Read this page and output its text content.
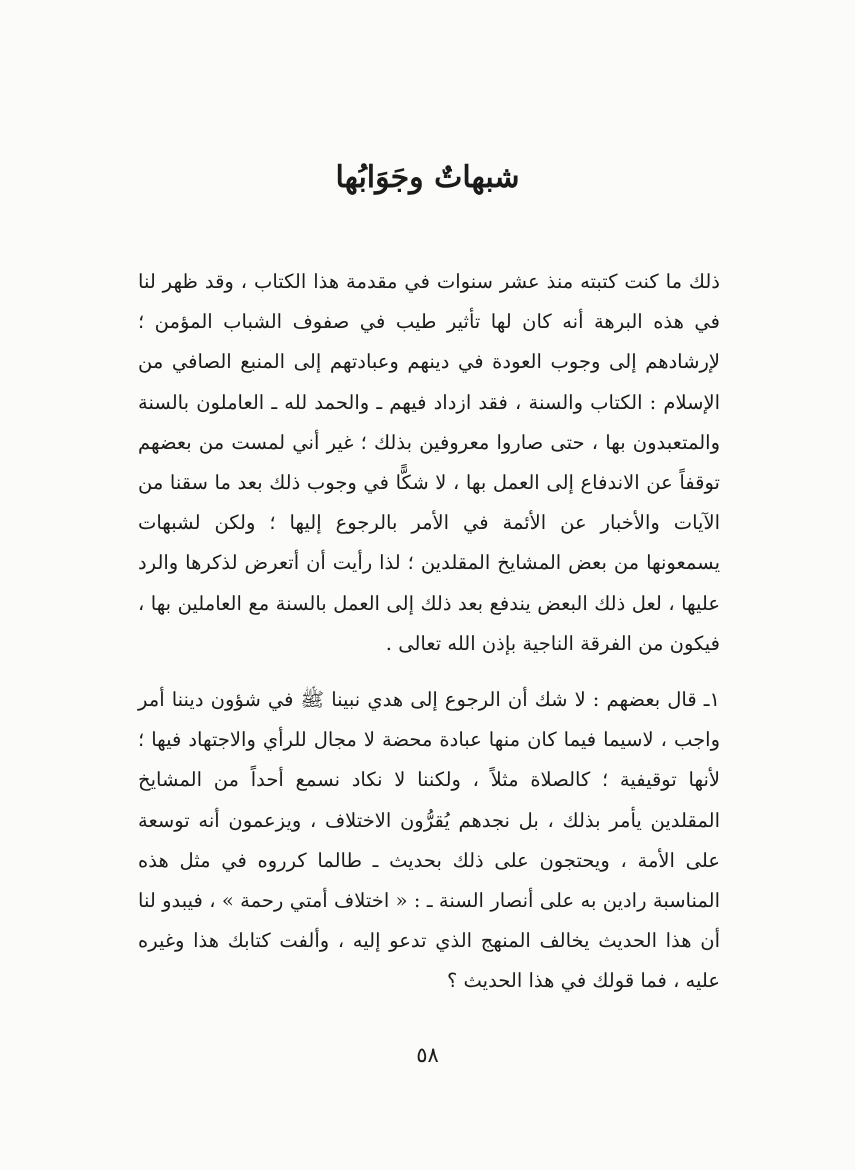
شبهاتٌ وجَوَابُها

ذلك ما كنت كتبته منذ عشر سنوات في مقدمة هذا الكتاب ، وقد ظهر لنا في هذه البرهة أنه كان لها تأثير طيب في صفوف الشباب المؤمن ؛ لإرشادهم إلى وجوب العودة في دينهم وعبادتهم إلى المنبع الصافي من الإسلام : الكتاب والسنة ، فقد ازداد فيهم ـ والحمد لله ـ العاملون بالسنة والمتعبدون بها ، حتى صاروا معروفين بذلك ؛ غير أني لمست من بعضهم توقفاً عن الاندفاع إلى العمل بها ، لا شكًّا في وجوب ذلك بعد ما سقنا من الآيات والأخبار عن الأئمة في الأمر بالرجوع إليها ؛ ولكن لشبهات يسمعونها من بعض المشايخ المقلدين ؛ لذا رأيت أن أتعرض لذكرها والرد عليها ، لعل ذلك البعض يندفع بعد ذلك إلى العمل بالسنة مع العاملين بها ، فيكون من الفرقة الناجية بإذن الله تعالى .

١ـ قال بعضهم : لا شك أن الرجوع إلى هدي نبينا ﷺ في شؤون ديننا أمر واجب ، لاسيما فيما كان منها عبادة محضة لا مجال للرأي والاجتهاد فيها ؛ لأنها توقيفية ؛ كالصلاة مثلاً ، ولكننا لا نكاد نسمع أحداً من المشايخ المقلدين يأمر بذلك ، بل نجدهم يُقرُّون الاختلاف ، ويزعمون أنه توسعة على الأمة ، ويحتجون على ذلك بحديث ـ طالما كرروه في مثل هذه المناسبة رادين به على أنصار السنة ـ : « اختلاف أمتي رحمة » ، فيبدو لنا أن هذا الحديث يخالف المنهج الذي تدعو إليه ، وألفت كتابك هذا وغيره عليه ، فما قولك في هذا الحديث ؟

٥٨
